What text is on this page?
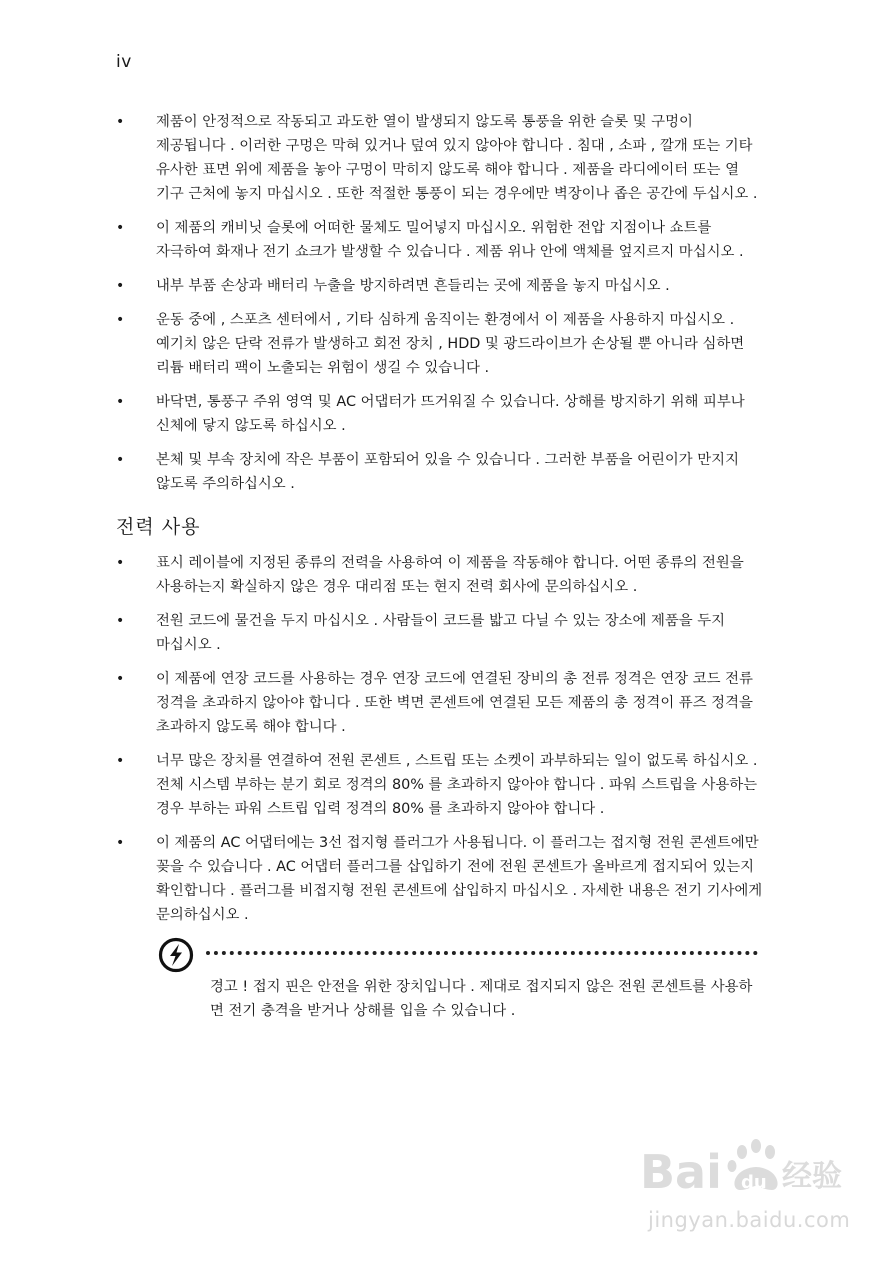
iv
• 제품이 안정적으로 작동되고 과도한 열이 발생되지 않도록 통풍을 위한 슬롯 및 구멍이 제공됩니다 . 이러한 구멍은 막혀 있거나 덮여 있지 않아야 합니다 . 침대 , 소파 , 깔개 또는 기타 유사한 표면 위에 제품을 놓아 구멍이 막히지 않도록 해야 합니다 . 제품을 라디에이터 또는 열 기구 근처에 놓지 마십시오 . 또한 적절한 통풍이 되는 경우에만 벽장이나 좁은 공간에 두십시오 .
• 이 제품의 캐비닛 슬롯에 어떠한 물체도 밀어넣지 마십시오. 위험한 전압 지점이나 쇼트를 자극하여 화재나 전기 쇼크가 발생할 수 있습니다 . 제품 위나 안에 액체를 엎지르지 마십시오 .
• 내부 부품 손상과 배터리 누출을 방지하려면 흔들리는 곳에 제품을 놓지 마십시오 .
• 운동 중에 , 스포츠 센터에서 , 기타 심하게 움직이는 환경에서 이 제품을 사용하지 마십시오 . 예기치 않은 단락 전류가 발생하고 회전 장치 , HDD 및 광드라이브가 손상될 뿐 아니라 심하면 리튬 배터리 팩이 노출되는 위험이 생길 수 있습니다 .
• 바닥면, 통풍구 주위 영역 및 AC 어댑터가 뜨거워질 수 있습니다. 상해를 방지하기 위해 피부나 신체에 닿지 않도록 하십시오 .
• 본체 및 부속 장치에 작은 부품이 포함되어 있을 수 있습니다 . 그러한 부품을 어린이가 만지지 않도록 주의하십시오 .
전력 사용
• 표시 레이블에 지정된 종류의 전력을 사용하여 이 제품을 작동해야 합니다. 어떤 종류의 전원을 사용하는지 확실하지 않은 경우 대리점 또는 현지 전력 회사에 문의하십시오 .
• 전원 코드에 물건을 두지 마십시오 . 사람들이 코드를 밟고 다닐 수 있는 장소에 제품을 두지 마십시오 .
• 이 제품에 연장 코드를 사용하는 경우 연장 코드에 연결된 장비의 총 전류 정격은 연장 코드 전류 정격을 초과하지 않아야 합니다 . 또한 벽면 콘센트에 연결된 모든 제품의 총 정격이 퓨즈 정격을 초과하지 않도록 해야 합니다 .
• 너무 많은 장치를 연결하여 전원 콘센트 , 스트립 또는 소켓이 과부하되는 일이 없도록 하십시오 . 전체 시스템 부하는 분기 회로 정격의 80% 를 초과하지 않아야 합니다 . 파워 스트립을 사용하는 경우 부하는 파워 스트립 입력 정격의 80% 를 초과하지 않아야 합니다 .
• 이 제품의 AC 어댑터에는 3선 접지형 플러그가 사용됩니다. 이 플러그는 접지형 전원 콘센트에만 꽂을 수 있습니다 . AC 어댑터 플러그를 삽입하기 전에 전원 콘센트가 올바르게 접지되어 있는지 확인합니다 . 플러그를 비접지형 전원 콘센트에 삽입하지 마십시오 . 자세한 내용은 전기 기사에게 문의하십시오 .
경고 ! 접지 핀은 안전을 위한 장치입니다 . 제대로 접지되지 않은 전원 콘센트를 사용하면 전기 충격을 받거나 상해를 입을 수 있습니다 .
Bai du 经验
jingyan.baidu.com
